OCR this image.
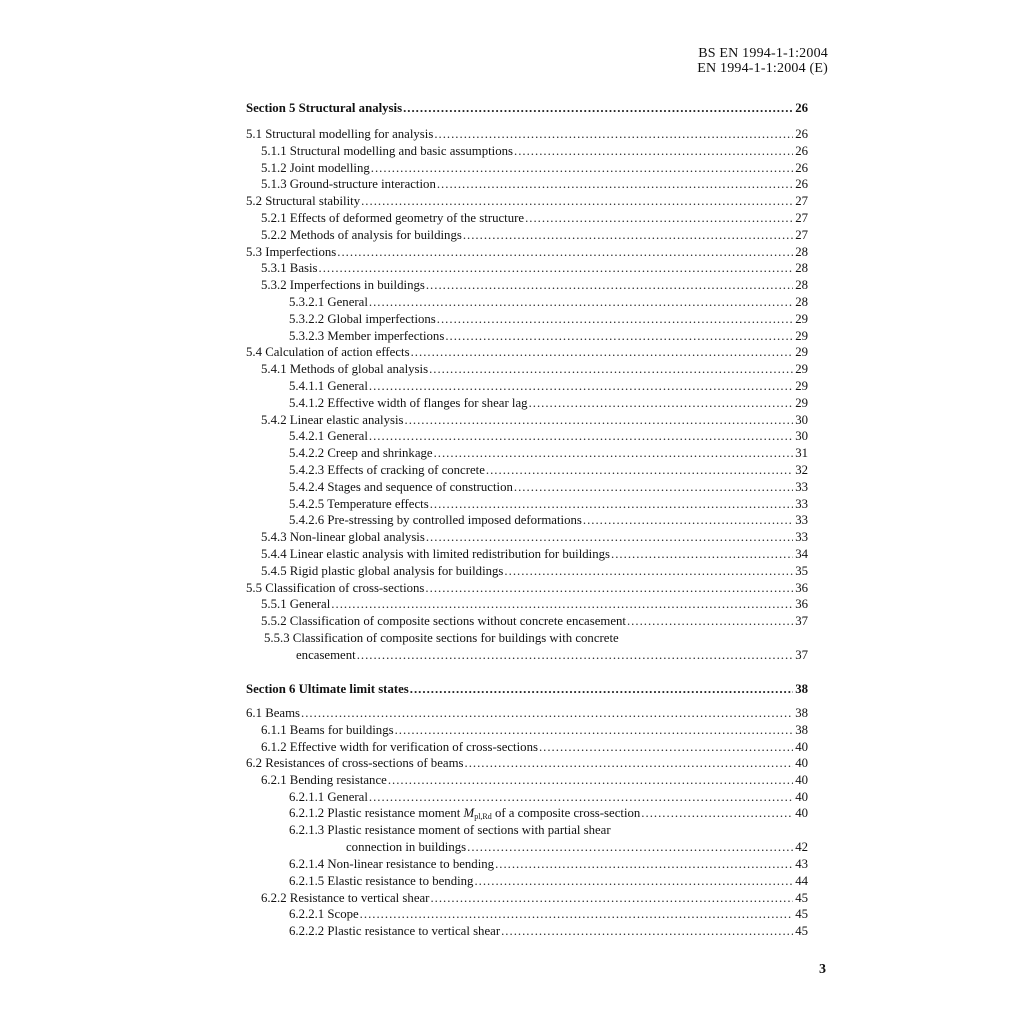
BS EN 1994-1-1:2004
EN 1994-1-1:2004 (E)
Section 5 Structural analysis .....	26
5.1 Structural modelling for analysis .....	26
5.1.1 Structural modelling and basic assumptions .....	26
5.1.2 Joint modelling .....	26
5.1.3 Ground-structure interaction .....	26
5.2 Structural stability .....	27
5.2.1 Effects of deformed geometry of the structure .....	27
5.2.2 Methods of analysis for buildings .....	27
5.3 Imperfections .....	28
5.3.1 Basis .....	28
5.3.2 Imperfections in buildings .....	28
5.3.2.1 General .....	28
5.3.2.2 Global imperfections .....	29
5.3.2.3 Member imperfections .....	29
5.4 Calculation of action effects .....	29
5.4.1 Methods of global analysis .....	29
5.4.1.1 General .....	29
5.4.1.2 Effective width of flanges for shear lag .....	29
5.4.2 Linear elastic analysis .....	30
5.4.2.1 General .....	30
5.4.2.2 Creep and shrinkage .....	31
5.4.2.3 Effects of cracking of concrete .....	32
5.4.2.4 Stages and sequence of construction .....	33
5.4.2.5 Temperature effects .....	33
5.4.2.6 Pre-stressing by controlled imposed deformations .....	33
5.4.3 Non-linear global analysis .....	33
5.4.4 Linear elastic analysis with limited redistribution for buildings .....	34
5.4.5 Rigid plastic global analysis for buildings .....	35
5.5 Classification of cross-sections .....	36
5.5.1 General .....	36
5.5.2 Classification of composite sections without concrete encasement .....	37
5.5.3 Classification of composite sections for buildings with concrete
encasement .....	37
Section 6 Ultimate limit states .....	38
6.1 Beams .....	38
6.1.1 Beams for buildings .....	38
6.1.2 Effective width for verification of cross-sections .....	40
6.2 Resistances of cross-sections of beams .....	40
6.2.1 Bending resistance .....	40
6.2.1.1 General .....	40
6.2.1.2 Plastic resistance moment $M_{pl,Rd}$ of a composite cross-section .....	40
6.2.1.3 Plastic resistance moment of sections with partial shear
connection in buildings .....	42
6.2.1.4 Non-linear resistance to bending .....	43
6.2.1.5 Elastic resistance to bending .....	44
6.2.2 Resistance to vertical shear .....	45
6.2.2.1 Scope .....	45
6.2.2.2 Plastic resistance to vertical shear .....	45
3
